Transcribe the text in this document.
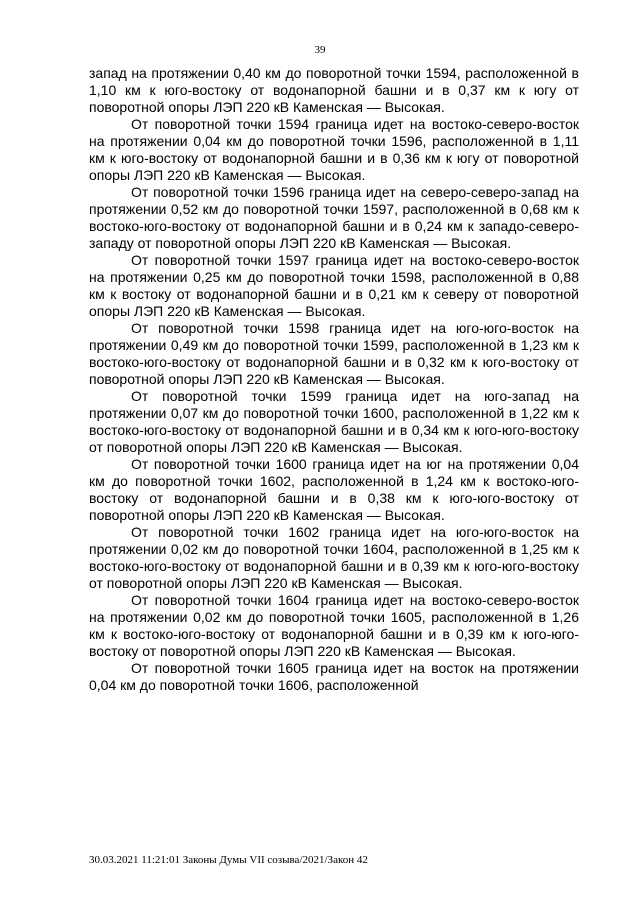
39

запад на протяжении 0,40 км до поворотной точки 1594, расположенной в 1,10 км к юго-востоку от водонапорной башни и в 0,37 км к югу от поворотной опоры ЛЭП 220 кВ Каменская — Высокая.

От поворотной точки 1594 граница идет на востоко-северо-восток на протяжении 0,04 км до поворотной точки 1596, расположенной в 1,11 км к юго-востоку от водонапорной башни и в 0,36 км к югу от поворотной опоры ЛЭП 220 кВ Каменская — Высокая.

От поворотной точки 1596 граница идет на северо-северо-запад на протяжении 0,52 км до поворотной точки 1597, расположенной в 0,68 км к востоко-юго-востоку от водонапорной башни и в 0,24 км к западо-северо-западу от поворотной опоры ЛЭП 220 кВ Каменская — Высокая.

От поворотной точки 1597 граница идет на востоко-северо-восток на протяжении 0,25 км до поворотной точки 1598, расположенной в 0,88 км к востоку от водонапорной башни и в 0,21 км к северу от поворотной опоры ЛЭП 220 кВ Каменская — Высокая.

От поворотной точки 1598 граница идет на юго-юго-восток на протяжении 0,49 км до поворотной точки 1599, расположенной в 1,23 км к востоко-юго-востоку от водонапорной башни и в 0,32 км к юго-востоку от поворотной опоры ЛЭП 220 кВ Каменская — Высокая.

От поворотной точки 1599 граница идет на юго-запад на протяжении 0,07 км до поворотной точки 1600, расположенной в 1,22 км к востоко-юго-востоку от водонапорной башни и в 0,34 км к юго-юго-востоку от поворотной опоры ЛЭП 220 кВ Каменская — Высокая.

От поворотной точки 1600 граница идет на юг на протяжении 0,04 км до поворотной точки 1602, расположенной в 1,24 км к востоко-юго-востоку от водонапорной башни и в 0,38 км к юго-юго-востоку от поворотной опоры ЛЭП 220 кВ Каменская — Высокая.

От поворотной точки 1602 граница идет на юго-юго-восток на протяжении 0,02 км до поворотной точки 1604, расположенной в 1,25 км к востоко-юго-востоку от водонапорной башни и в 0,39 км к юго-юго-востоку от поворотной опоры ЛЭП 220 кВ Каменская — Высокая.

От поворотной точки 1604 граница идет на востоко-северо-восток на протяжении 0,02 км до поворотной точки 1605, расположенной в 1,26 км к востоко-юго-востоку от водонапорной башни и в 0,39 км к юго-юго-востоку от поворотной опоры ЛЭП 220 кВ Каменская — Высокая.

От поворотной точки 1605 граница идет на восток на протяжении 0,04 км до поворотной точки 1606, расположенной

30.03.2021 11:21:01 Законы Думы VII созыва/2021/Закон 42
